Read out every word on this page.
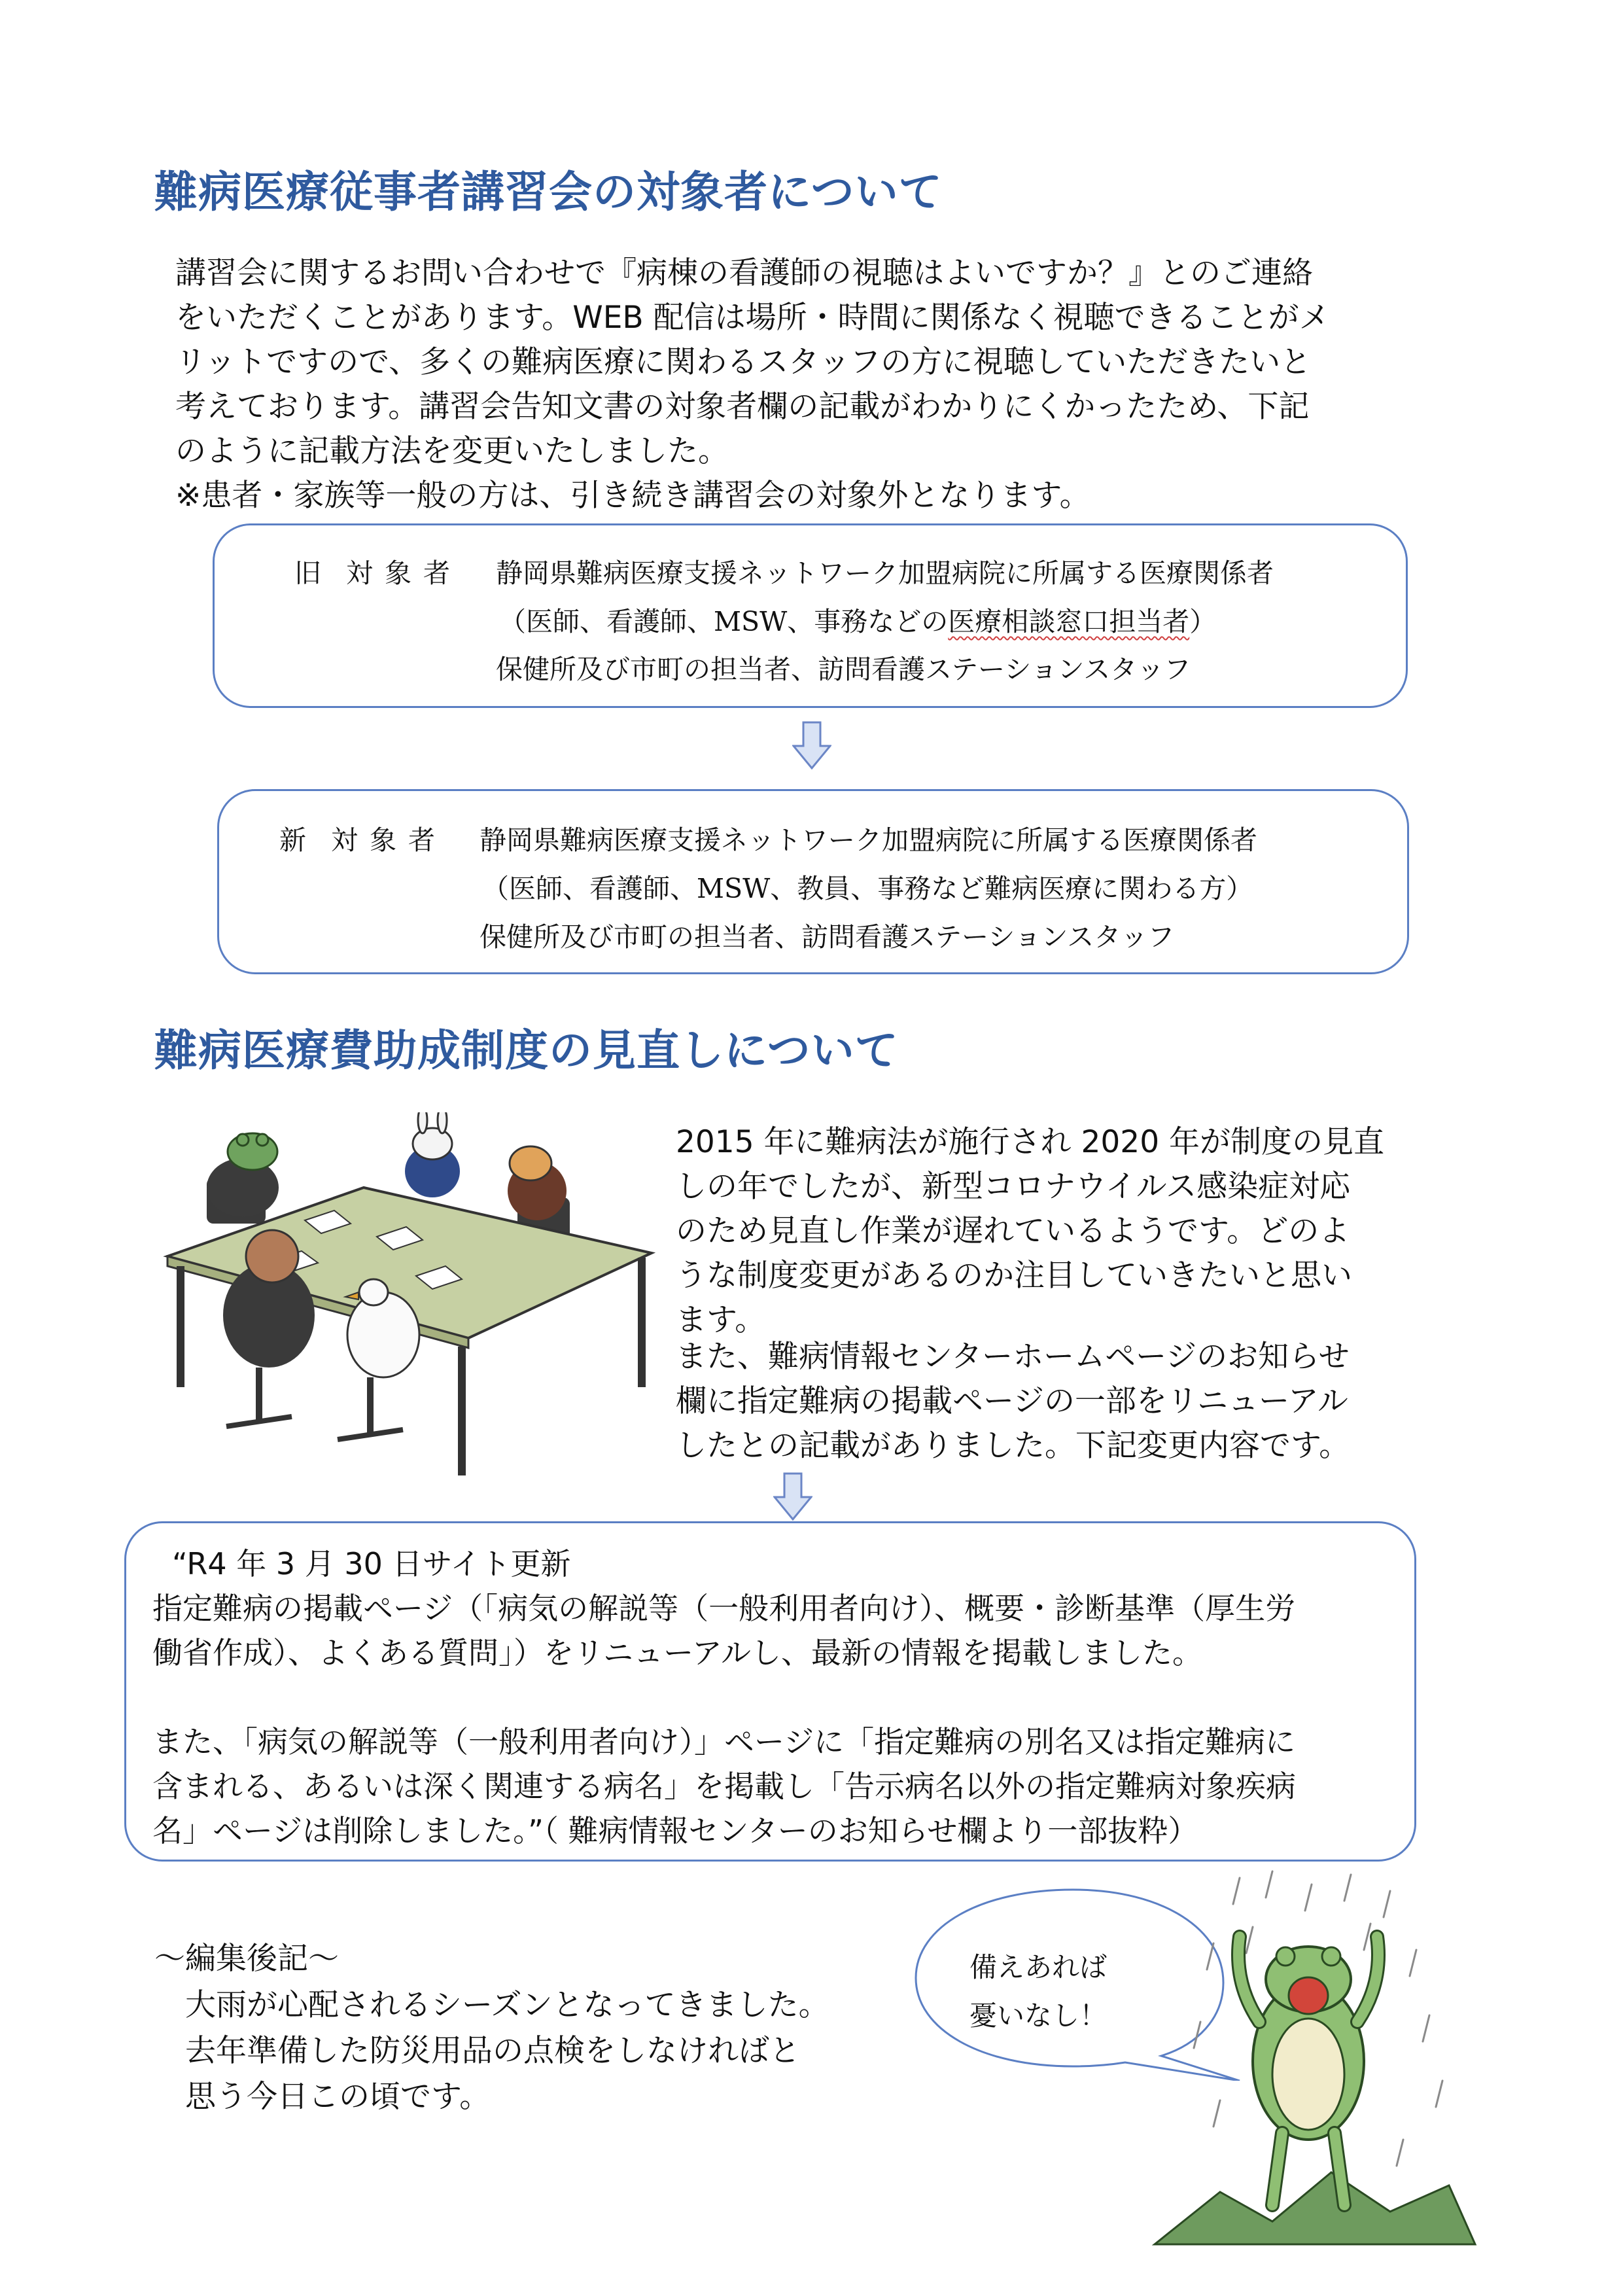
難病医療従事者講習会の対象者について
講習会に関するお問い合わせで『病棟の看護師の視聴はよいですか？』とのご連絡
をいただくことがあります。WEB 配信は場所・時間に関係なく視聴できることがメ
リットですので、多くの難病医療に関わるスタッフの方に視聴していただきたいと
考えております。講習会告知文書の対象者欄の記載がわかりにくかったため、下記
のように記載方法を変更いたしました。
※患者・家族等一般の方は、引き続き講習会の対象外となります。
旧 対 象 者 静岡県難病医療支援ネットワーク加盟病院に所属する医療関係者
（医師、看護師、MSW、事務などの医療相談窓口担当者）
保健所及び市町の担当者、訪問看護ステーションスタッフ
新 対 象 者 静岡県難病医療支援ネットワーク加盟病院に所属する医療関係者
（医師、看護師、MSW、教員、事務など難病医療に関わる方）
保健所及び市町の担当者、訪問看護ステーションスタッフ
難病医療費助成制度の見直しについて
2015 年に難病法が施行され 2020 年が制度の見直
しの年でしたが、新型コロナウイルス感染症対応
のため見直し作業が遅れているようです。どのよ
うな制度変更があるのか注目していきたいと思い
ます。
また、難病情報センターホームページのお知らせ
欄に指定難病の掲載ページの一部をリニューアル
したとの記載がありました。下記変更内容です。
“R4 年 3 月 30 日サイト更新
指定難病の掲載ページ（「病気の解説等（一般利用者向け）、概要・診断基準（厚生労
働省作成）、よくある質問」）をリニューアルし、最新の情報を掲載しました。
また、「病気の解説等（一般利用者向け）」ページに「指定難病の別名又は指定難病に
含まれる、あるいは深く関連する病名」を掲載し「告示病名以外の指定難病対象疾病
名」ページは削除しました。”（ 難病情報センターのお知らせ欄より一部抜粋）
～編集後記～
大雨が心配されるシーズンとなってきました。
去年準備した防災用品の点検をしなければと
思う今日この頃です。
備えあれば
憂いなし！
